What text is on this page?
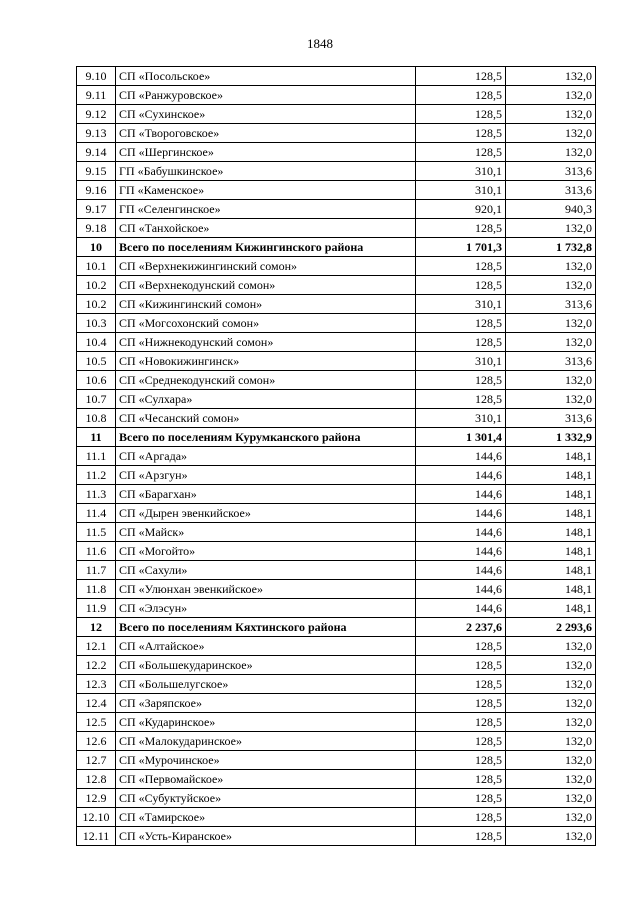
1848
9.10	СП «Посольское»	128,5	132,0
9.11	СП «Ранжуровское»	128,5	132,0
9.12	СП «Сухинское»	128,5	132,0
9.13	СП «Твороговское»	128,5	132,0
9.14	СП «Шергинское»	128,5	132,0
9.15	ГП «Бабушкинское»	310,1	313,6
9.16	ГП «Каменское»	310,1	313,6
9.17	ГП «Селенгинское»	920,1	940,3
9.18	СП «Танхойское»	128,5	132,0
10	Всего по поселениям Кижингинского района	1 701,3	1 732,8
10.1	СП «Верхнекижингинский сомон»	128,5	132,0
10.2	СП «Верхнекодунский сомон»	128,5	132,0
10.2	СП «Кижингинский сомон»	310,1	313,6
10.3	СП «Могсохонский сомон»	128,5	132,0
10.4	СП «Нижнекодунский сомон»	128,5	132,0
10.5	СП «Новокижингинск»	310,1	313,6
10.6	СП «Среднекодунский сомон»	128,5	132,0
10.7	СП «Сулхара»	128,5	132,0
10.8	СП «Чесанский сомон»	310,1	313,6
11	Всего по поселениям Курумканского района	1 301,4	1 332,9
11.1	СП «Аргада»	144,6	148,1
11.2	СП «Арзгун»	144,6	148,1
11.3	СП «Барагхан»	144,6	148,1
11.4	СП «Дырен эвенкийское»	144,6	148,1
11.5	СП «Майск»	144,6	148,1
11.6	СП «Могойто»	144,6	148,1
11.7	СП «Сахули»	144,6	148,1
11.8	СП «Улюнхан эвенкийское»	144,6	148,1
11.9	СП «Элэсун»	144,6	148,1
12	Всего по поселениям Кяхтинского района	2 237,6	2 293,6
12.1	СП «Алтайское»	128,5	132,0
12.2	СП «Большекударинское»	128,5	132,0
12.3	СП «Большелугское»	128,5	132,0
12.4	СП «Заряпское»	128,5	132,0
12.5	СП «Кударинское»	128,5	132,0
12.6	СП «Малокударинское»	128,5	132,0
12.7	СП «Мурочинское»	128,5	132,0
12.8	СП «Первомайское»	128,5	132,0
12.9	СП «Субуктуйское»	128,5	132,0
12.10	СП «Тамирское»	128,5	132,0
12.11	СП «Усть-Киранское»	128,5	132,0
